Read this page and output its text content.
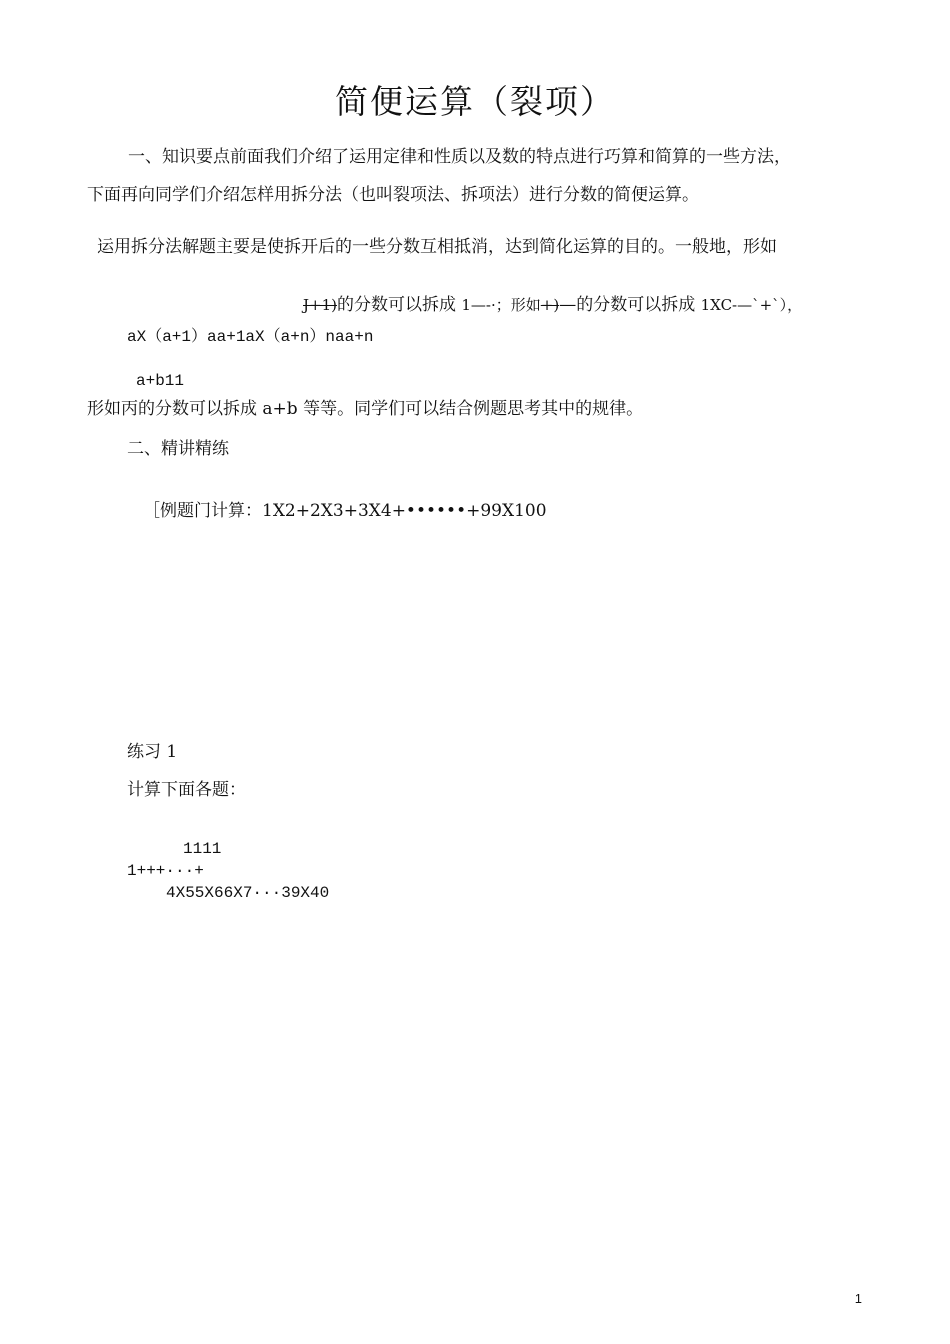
简便运算（裂项）
一、知识要点前面我们介绍了运用定律和性质以及数的特点进行巧算和简算的一些方法，
下面再向同学们介绍怎样用拆分法（也叫裂项法、拆项法）进行分数的简便运算。
运用拆分法解题主要是使拆开后的一些分数互相抵消，达到简化运算的目的。一般地，形如
J+1)的分数可以拆成 1—-·；形如+)—的分数可以拆成 1XC-—`+`），
aX（a+1）aa+1aX（a+n）naa+n
a+b11
形如丙的分数可以拆成 a+b 等等。同学们可以结合例题思考其中的规律。
二、精讲精练
［例题门计算：1X2+2X3+3X4+••••••+99X100
练习 1
计算下面各题：
1111
1+++···+
4X55X66X7···39X40
1
